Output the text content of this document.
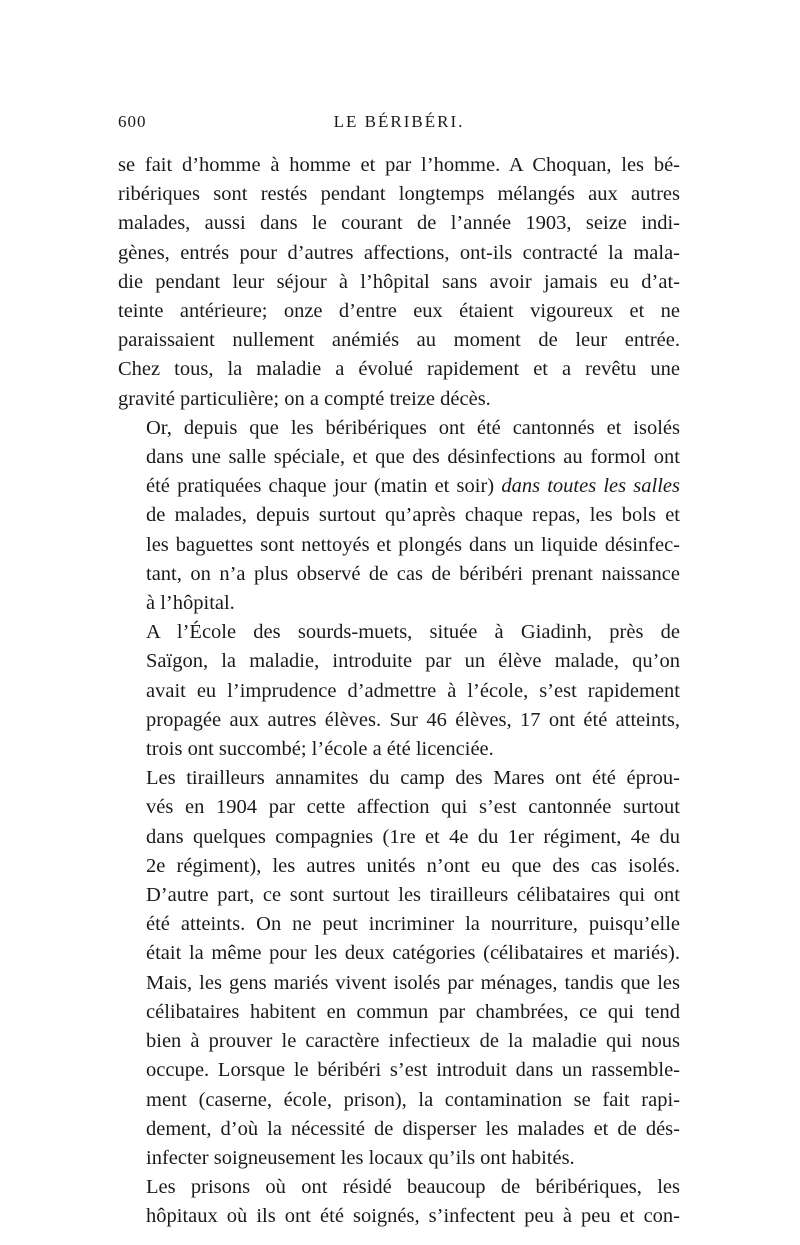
600	LE BÉRIBÉRI.

se fait d’homme à homme et par l’homme. A Choquan, les bé-
ribériques sont restés pendant longtemps mélangés aux autres
malades, aussi dans le courant de l’année 1903, seize indi-
gènes, entrés pour d’autres affections, ont-ils contracté la mala-
die pendant leur séjour à l’hôpital sans avoir jamais eu d’at-
teinte antérieure; onze d’entre eux étaient vigoureux et ne
paraissaient nullement anémiés au moment de leur entrée.
Chez tous, la maladie a évolué rapidement et a revêtu une
gravité particulière; on a compté treize décès.

Or, depuis que les béribériques ont été cantonnés et isolés
dans une salle spéciale, et que des désinfections au formol ont
été pratiquées chaque jour (matin et soir) dans toutes les salles
de malades, depuis surtout qu’après chaque repas, les bols et
les baguettes sont nettoyés et plongés dans un liquide désinfec-
tant, on n’a plus observé de cas de béribéri prenant naissance
à l’hôpital.

A l’École des sourds-muets, située à Giadinh, près de
Saïgon, la maladie, introduite par un élève malade, qu’on
avait eu l’imprudence d’admettre à l’école, s’est rapidement
propagée aux autres élèves. Sur 46 élèves, 17 ont été atteints,
trois ont succombé; l’école a été licenciée.

Les tirailleurs annamites du camp des Mares ont été éprou-
vés en 1904 par cette affection qui s’est cantonnée surtout
dans quelques compagnies (1re et 4e du 1er régiment, 4e du
2e régiment), les autres unités n’ont eu que des cas isolés.
D’autre part, ce sont surtout les tirailleurs célibataires qui ont
été atteints. On ne peut incriminer la nourriture, puisqu’elle
était la même pour les deux catégories (célibataires et mariés).
Mais, les gens mariés vivent isolés par ménages, tandis que les
célibataires habitent en commun par chambrées, ce qui tend
bien à prouver le caractère infectieux de la maladie qui nous
occupe. Lorsque le béribéri s’est introduit dans un rassemble-
ment (caserne, école, prison), la contamination se fait rapi-
dement, d’où la nécessité de disperser les malades et de dés-
infecter soigneusement les locaux qu’ils ont habités.

Les prisons où ont résidé beaucoup de béribériques, les
hôpitaux où ils ont été soignés, s’infectent peu à peu et con-
